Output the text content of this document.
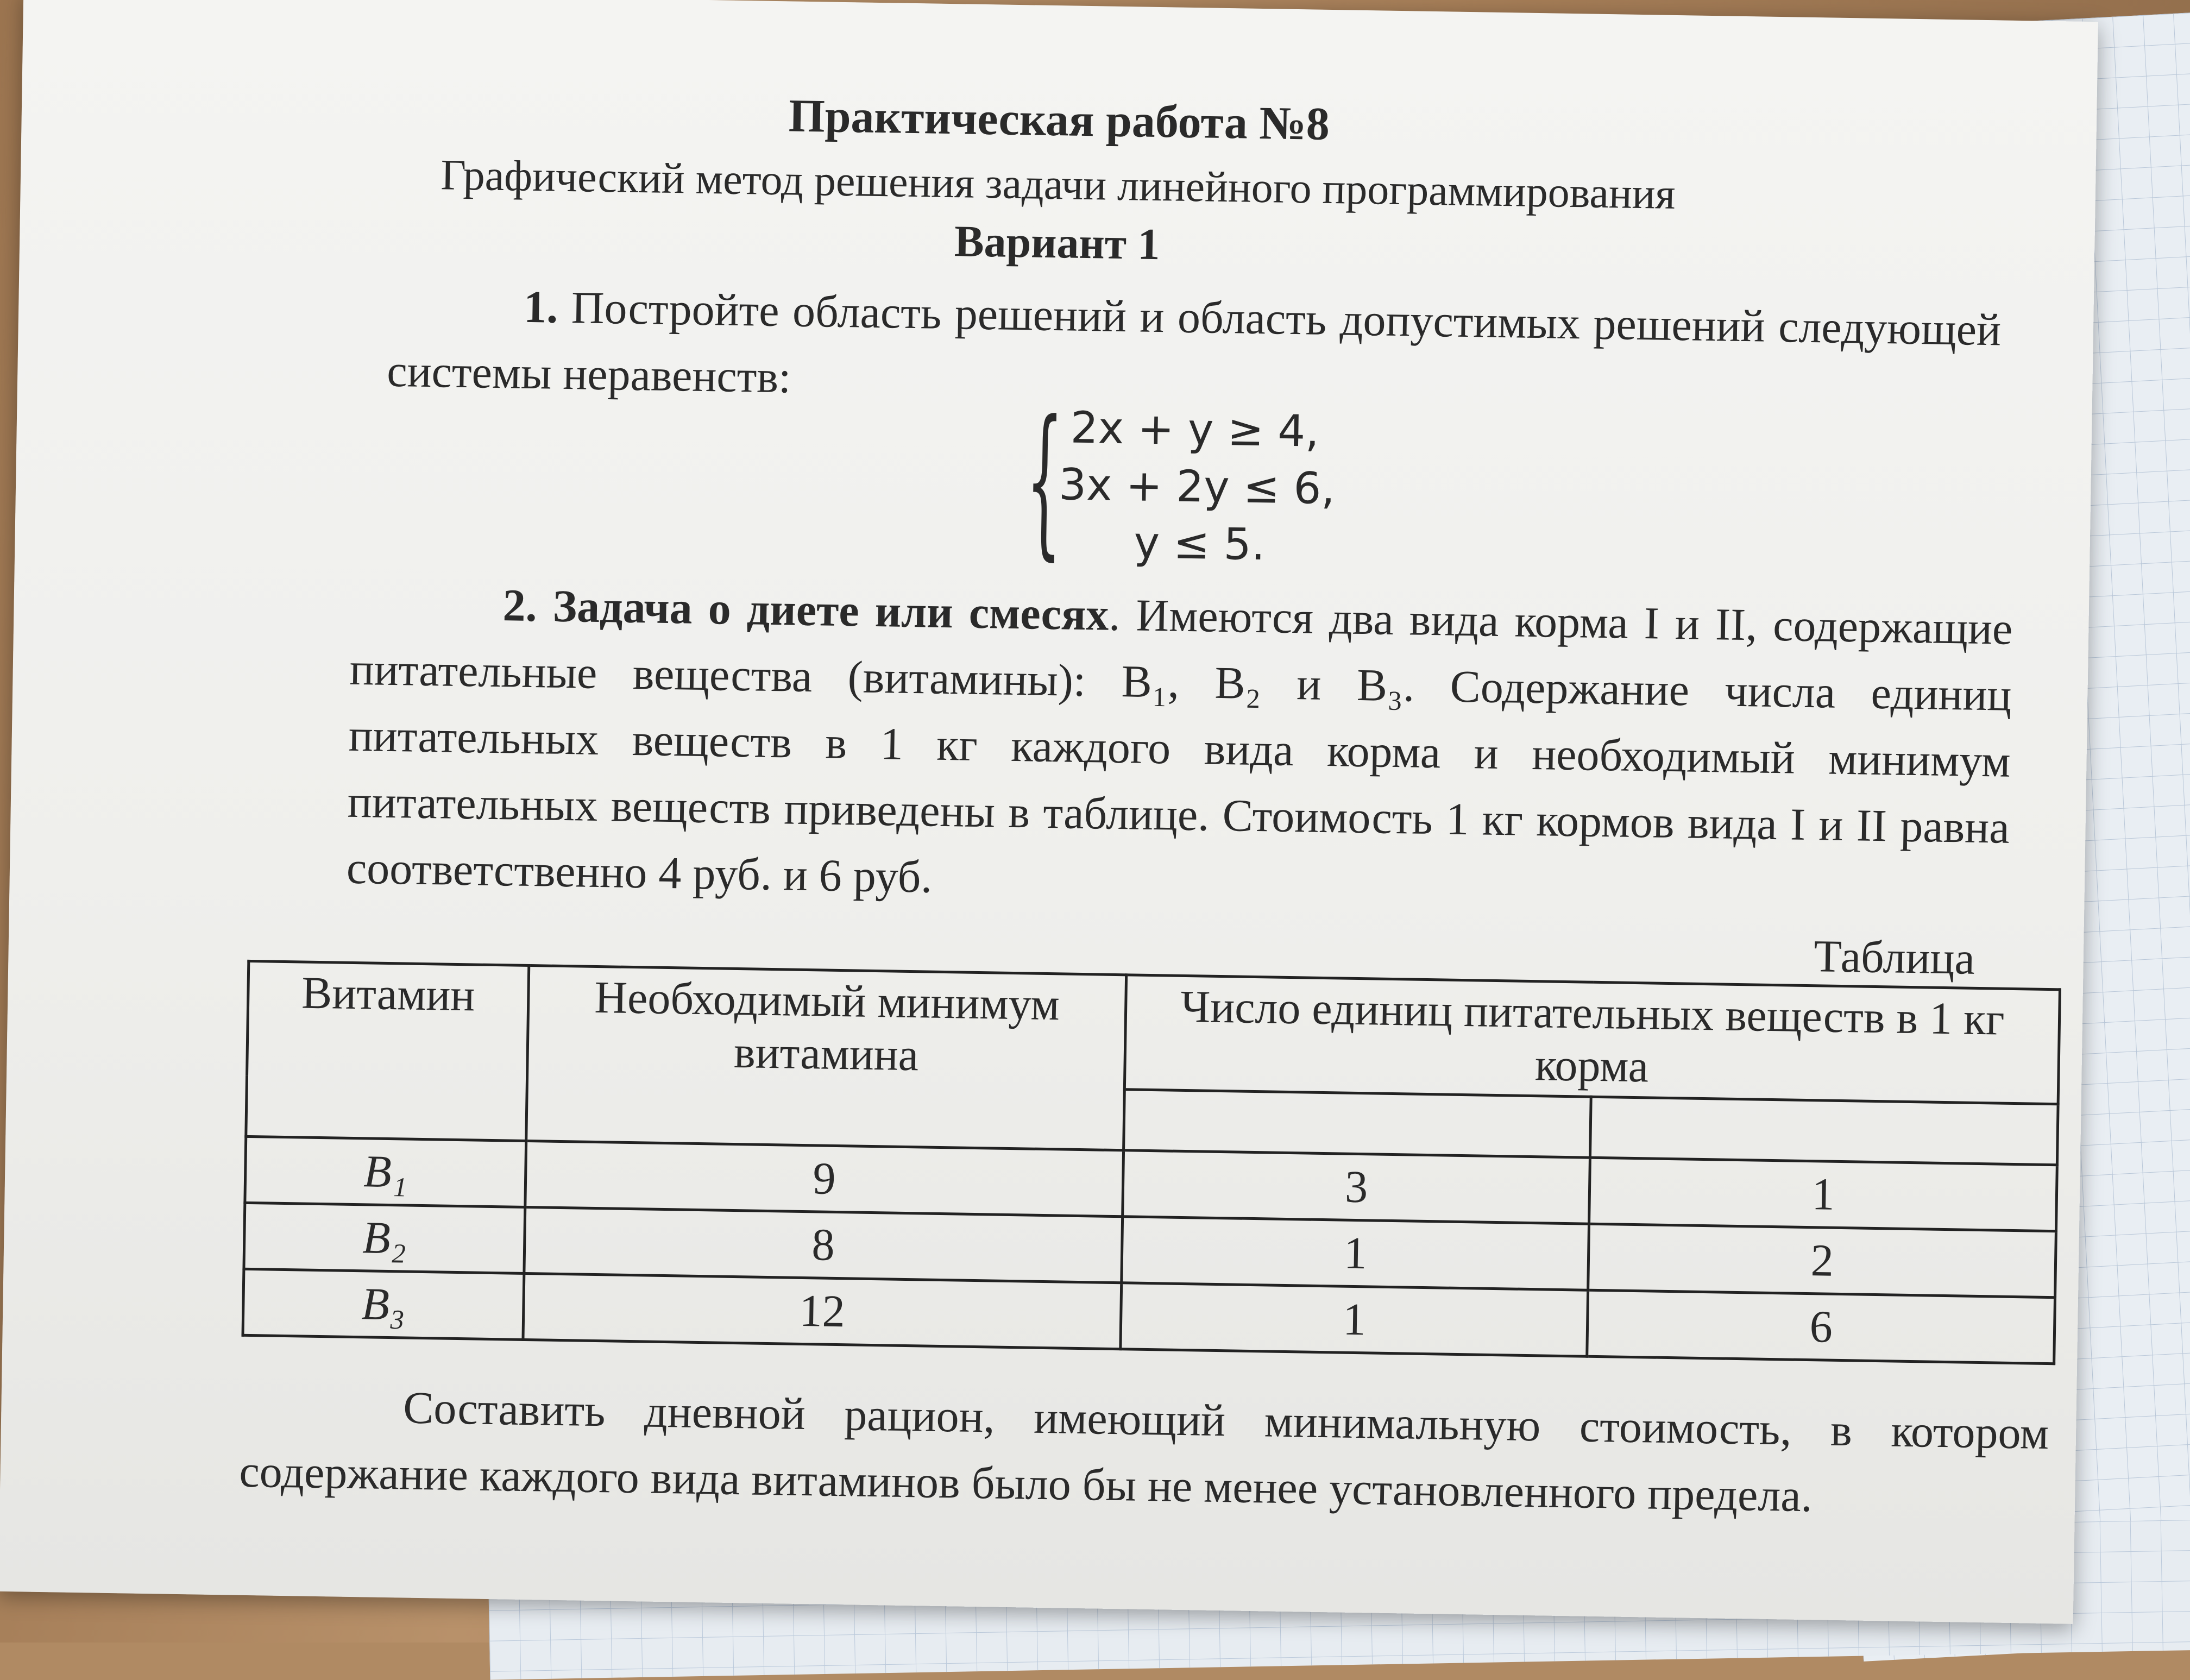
Практическая работа №8
Графический метод решения задачи линейного программирования
Вариант 1
1. Постройте область решений и область допустимых решений следующей системы неравенств:
{ 2x + y ≥ 4,
3x + 2y ≤ 6,
y ≤ 5.
2. Задача о диете или смесях. Имеются два вида корма I и II, содержащие питательные вещества (витамины): B₁, B₂ и B₃. Содержание числа единиц питательных веществ в 1 кг каждого вида корма и необходимый минимум питательных веществ приведены в таблице. Стоимость 1 кг кормов вида I и II равна соответственно 4 руб. и 6 руб.
Таблица
Витамин	Необходимый минимум витамина	Число единиц питательных веществ в 1 кг корма	

B₁	9	3	1
B₂	8	1	2
B₃	12	1	6
Составить дневной рацион, имеющий минимальную стоимость, в котором содержание каждого вида витаминов было бы не менее установленного предела.
